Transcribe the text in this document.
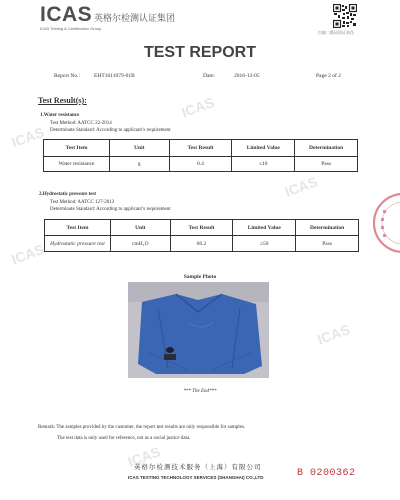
ICAS
ICAS
ICAS
ICAS
ICAS
ICAS
ICAS 英格尔检测认证集团
ICAS Testing & Certification Group
扫描二维码验证真伪
TEST REPORT
Report No.:	EHT1611079-01B	Date:	2016-12-05	Page 2 of 2
Test Result(s):
1.Water resistance
Test Method: AATCC 22-2014
Determinate Standard: According to applicant’s requirement
Test Item	Unit	Test Result	Limited Value	Determination
Water resistance	g	0.4	≤10	Pass
2.Hydrostatic pressure test
Test Method: AATCC 127-2013
Determinate Standard: According to applicant’s requirement
Test Item	Unit	Test Result	Limited Value	Determination
Hydrostatic pressure test	cmH₂O	66.2	≥50	Pass
Sample Photo
*** The End***
Remark: The samples provided by the customer, the report test results are only responsible for samples.
The test data is only used for reference, not as a social justice data.
英格尔检测技术服务（上海）有限公司
ICAS TESTING TECHNOLOGY SERVICES (SHANGHAI) CO.,LTD	B 0200362
